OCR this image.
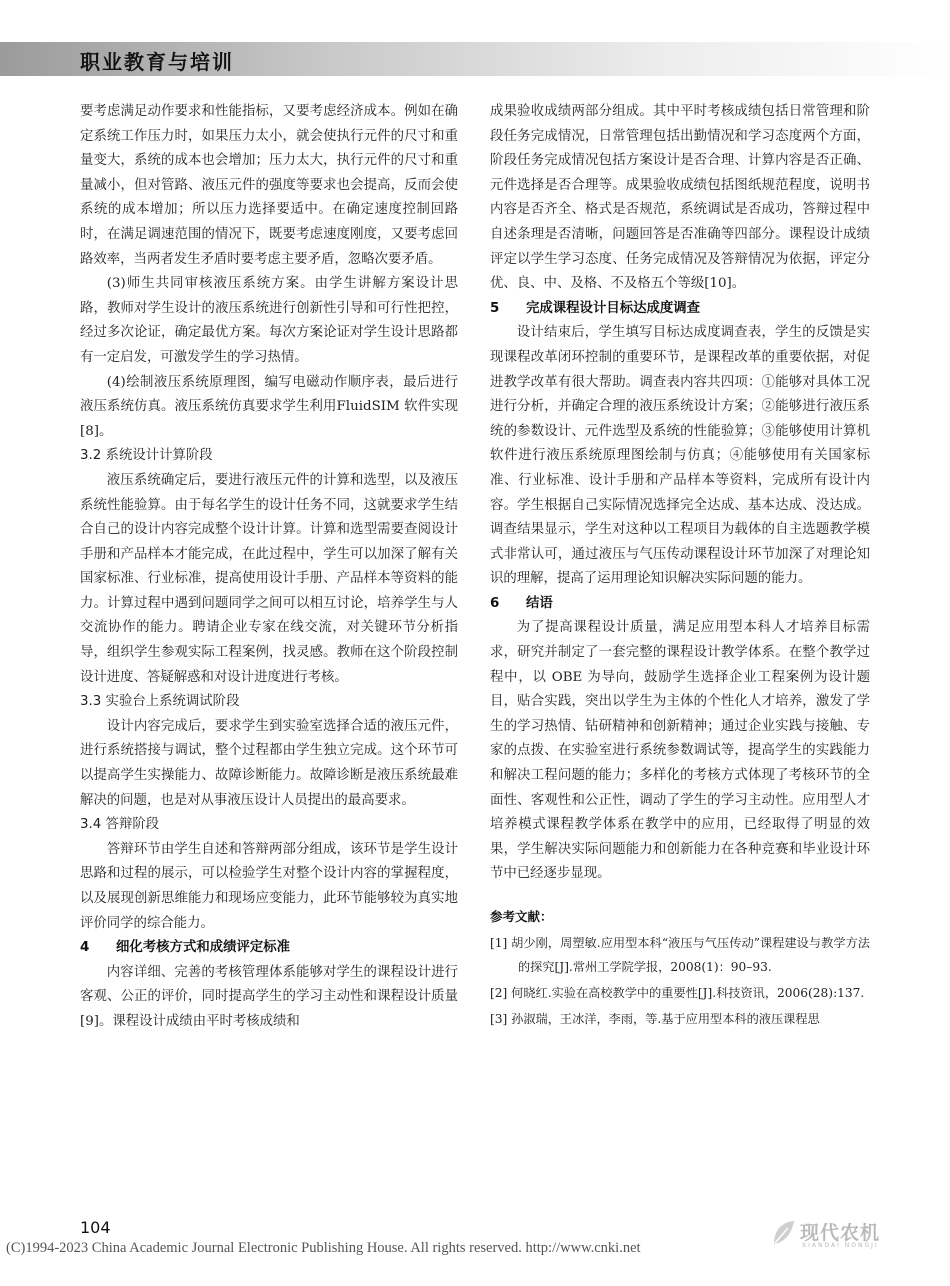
职业教育与培训

要考虑满足动作要求和性能指标，又要考虑经济成本。例如在确定系统工作压力时，如果压力太小，就会使执行元件的尺寸和重量变大，系统的成本也会增加；压力太大，执行元件的尺寸和重量减小，但对管路、液压元件的强度等要求也会提高，反而会使系统的成本增加；所以压力选择要适中。在确定速度控制回路时，在满足调速范围的情况下，既要考虑速度刚度，又要考虑回路效率，当两者发生矛盾时要考虑主要矛盾，忽略次要矛盾。

(3)师生共同审核液压系统方案。由学生讲解方案设计思路，教师对学生设计的液压系统进行创新性引导和可行性把控，经过多次论证，确定最优方案。每次方案论证对学生设计思路都有一定启发，可激发学生的学习热情。

(4)绘制液压系统原理图，编写电磁动作顺序表，最后进行液压系统仿真。液压系统仿真要求学生利用FluidSIM 软件实现[8]。

3.2 系统设计计算阶段

液压系统确定后，要进行液压元件的计算和选型，以及液压系统性能验算。由于每名学生的设计任务不同，这就要求学生结合自己的设计内容完成整个设计计算。计算和选型需要查阅设计手册和产品样本才能完成，在此过程中，学生可以加深了解有关国家标准、行业标准，提高使用设计手册、产品样本等资料的能力。计算过程中遇到问题同学之间可以相互讨论，培养学生与人交流协作的能力。聘请企业专家在线交流，对关键环节分析指导，组织学生参观实际工程案例，找灵感。教师在这个阶段控制设计进度、答疑解惑和对设计进度进行考核。

3.3 实验台上系统调试阶段

设计内容完成后，要求学生到实验室选择合适的液压元件，进行系统搭接与调试，整个过程都由学生独立完成。这个环节可以提高学生实操能力、故障诊断能力。故障诊断是液压系统最难解决的问题，也是对从事液压设计人员提出的最高要求。

3.4 答辩阶段

答辩环节由学生自述和答辩两部分组成，该环节是学生设计思路和过程的展示，可以检验学生对整个设计内容的掌握程度，以及展现创新思维能力和现场应变能力，此环节能够较为真实地评价同学的综合能力。

4 细化考核方式和成绩评定标准

内容详细、完善的考核管理体系能够对学生的课程设计进行客观、公正的评价，同时提高学生的学习主动性和课程设计质量[9]。课程设计成绩由平时考核成绩和

成果验收成绩两部分组成。其中平时考核成绩包括日常管理和阶段任务完成情况，日常管理包括出勤情况和学习态度两个方面，阶段任务完成情况包括方案设计是否合理、计算内容是否正确、元件选择是否合理等。成果验收成绩包括图纸规范程度，说明书内容是否齐全、格式是否规范，系统调试是否成功，答辩过程中自述条理是否清晰，问题回答是否准确等四部分。课程设计成绩评定以学生学习态度、任务完成情况及答辩情况为依据，评定分优、良、中、及格、不及格五个等级[10]。

5 完成课程设计目标达成度调查

设计结束后，学生填写目标达成度调查表，学生的反馈是实现课程改革闭环控制的重要环节，是课程改革的重要依据，对促进教学改革有很大帮助。调查表内容共四项：①能够对具体工况进行分析，并确定合理的液压系统设计方案；②能够进行液压系统的参数设计、元件选型及系统的性能验算；③能够使用计算机软件进行液压系统原理图绘制与仿真；④能够使用有关国家标准、行业标准、设计手册和产品样本等资料，完成所有设计内容。学生根据自己实际情况选择完全达成、基本达成、没达成。调查结果显示，学生对这种以工程项目为载体的自主选题教学模式非常认可，通过液压与气压传动课程设计环节加深了对理论知识的理解，提高了运用理论知识解决实际问题的能力。

6 结语

为了提高课程设计质量，满足应用型本科人才培养目标需求，研究并制定了一套完整的课程设计教学体系。在整个教学过程中，以 OBE 为导向，鼓励学生选择企业工程案例为设计题目，贴合实践，突出以学生为主体的个性化人才培养，激发了学生的学习热情、钻研精神和创新精神；通过企业实践与接触、专家的点拨、在实验室进行系统参数调试等，提高学生的实践能力和解决工程问题的能力；多样化的考核方式体现了考核环节的全面性、客观性和公正性，调动了学生的学习主动性。应用型人才培养模式课程教学体系在教学中的应用，已经取得了明显的效果，学生解决实际问题能力和创新能力在各种竞赛和毕业设计环节中已经逐步显现。

参考文献：

[1] 胡少刚，周塑敏.应用型本科“液压与气压传动”课程建设与教学方法的探究[J].常州工学院学报，2008(1)：90–93.

[2] 何晓红.实验在高校教学中的重要性[J].科技资讯，2006(28):137.

[3] 孙淑瑞，王冰洋，李雨，等.基于应用型本科的液压课程思

104	现代农机
XIANDAI NONGJI
(C)1994-2023 China Academic Journal Electronic Publishing House. All rights reserved. http://www.cnki.net
